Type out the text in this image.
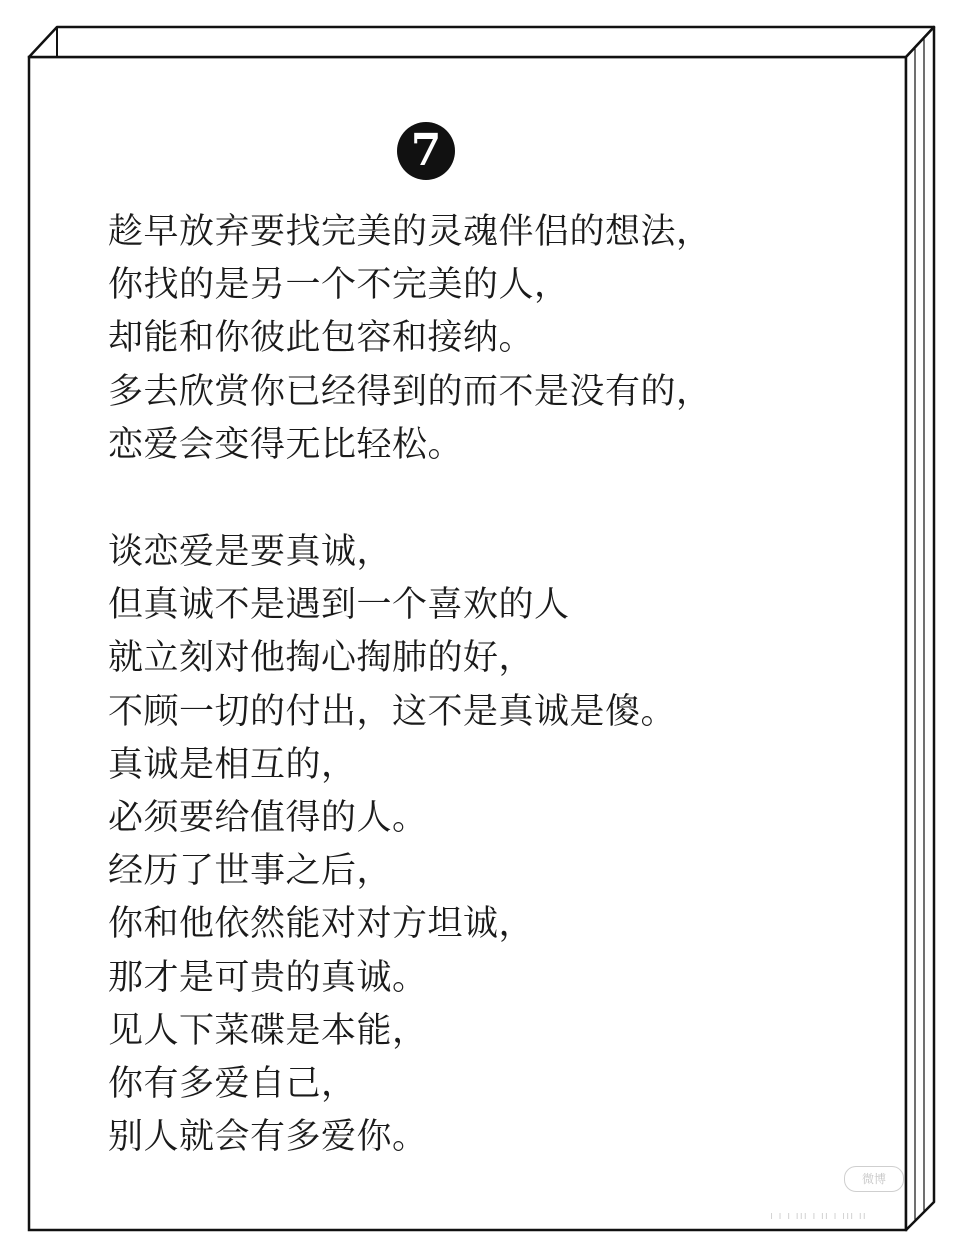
7
趁早放弃要找完美的灵魂伴侣的想法，
你找的是另一个不完美的人，
却能和你彼此包容和接纳。
多去欣赏你已经得到的而不是没有的，
恋爱会变得无比轻松。
谈恋爱是要真诚，
但真诚不是遇到一个喜欢的人
就立刻对他掏心掏肺的好，
不顾一切的付出，这不是真诚是傻。
真诚是相互的，
必须要给值得的人。
经历了世事之后，
你和他依然能对对方坦诚，
那才是可贵的真诚。
见人下菜碟是本能，
你有多爱自己，
别人就会有多爱你。
微博
ı ı ı ııı ı ıı ı ııı ıı
